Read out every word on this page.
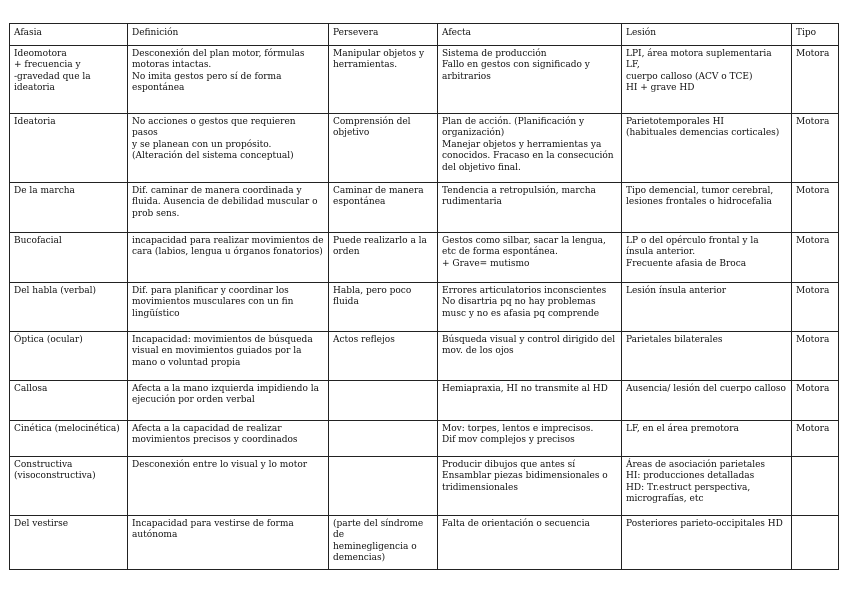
Afasia	Definición	Persevera	Afecta	Lesión	Tipo
Ideomotora
+ frecuencia y
-gravedad que la
ideatoria	Desconexión del plan motor, fórmulas
motoras intactas.
No imita gestos pero sí de forma
espontánea	Manipular objetos y
herramientas.	Sistema de producción
Fallo en gestos con significado y
arbitrarios	LPI, área motora suplementaria LF,
cuerpo calloso (ACV o TCE)
HI + grave HD	Motora
Ideatoria	No acciones o gestos que requieren pasos
y se planean con un propósito.
(Alteración del sistema conceptual)	Comprensión del
objetivo	Plan de acción. (Planificación y
organización)
Manejar objetos y herramientas ya
conocidos. Fracaso en la consecución
del objetivo final.	Parietotemporales HI
(habituales demencias corticales)	Motora
De la marcha	Dif. caminar de manera coordinada y
fluida. Ausencia de debilidad muscular o
prob sens.	Caminar de manera
espontánea	Tendencia a retropulsión, marcha
rudimentaria	Tipo demencial, tumor cerebral,
lesiones frontales o hidrocefalia	Motora
Bucofacial	incapacidad para realizar movimientos de
cara (labios, lengua u órganos fonatorios)	Puede realizarlo a la
orden	Gestos como silbar, sacar la lengua,
etc de forma espontánea.
+ Grave= mutismo	LP o del opérculo frontal y la
ínsula anterior.
Frecuente afasia de Broca	Motora
Del habla (verbal)	Dif. para planificar y coordinar los
movimientos musculares con un fin
lingüístico	Habla, pero poco
fluida	Errores articulatorios inconscientes
No disartria pq no hay problemas
musc y no es afasia pq comprende	Lesión ínsula anterior	Motora
Óptica (ocular)	Incapacidad: movimientos de búsqueda
visual en movimientos guiados por la
mano o voluntad propia	Actos reflejos	Búsqueda visual y control dirigido del
mov. de los ojos	Parietales bilaterales	Motora
Callosa	Afecta a la mano izquierda impidiendo la
ejecución por orden verbal		Hemiapraxia, HI no transmite al HD	Ausencia/ lesión del cuerpo calloso	Motora
Cinética (melocinética)	Afecta a la capacidad de realizar
movimientos precisos y coordinados		Mov: torpes, lentos e imprecisos.
Dif mov complejos y precisos	LF, en el área premotora	Motora
Constructiva
(visoconstructiva)	Desconexión entre lo visual y lo motor		Producir dibujos que antes sí
Ensamblar piezas bidimensionales o
tridimensionales	Áreas de asociación parietales
HI: producciones detalladas
HD: Tr.estruct perspectiva,
micrografías, etc	
Del vestirse	Incapacidad para vestirse de forma
autónoma	(parte del síndrome de
heminegligencia o
demencias)	Falta de orientación o secuencia	Posteriores parieto-occipitales HD	
